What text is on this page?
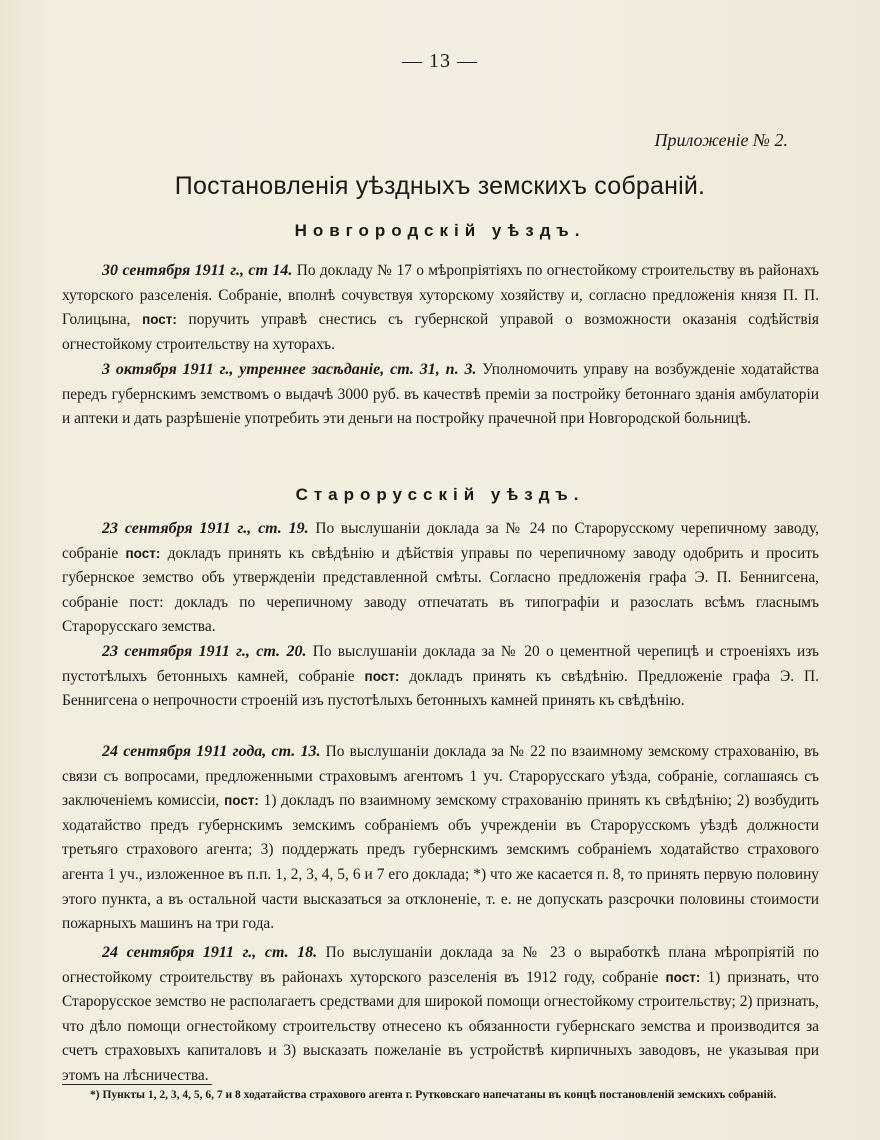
— 13 —
Приложеніе № 2.
Постановленія уѣздныхъ земскихъ собраній.
Новгородскій уѣздъ.

30 сентября 1911 г., ст 14. По докладу № 17 о мѣропріятіяхъ по огнестойкому строительству въ районахъ хуторского разселенія. Собраніе, вполнѣ сочувствуя хуторскому хозяйству и, согласно предложенія князя П. П. Голицына, пост: поручить управѣ снестись съ губернской управой о возможности оказанія содѣйствія огнестойкому строительству на хуторахъ.

3 октября 1911 г., утреннее засѣданіе, ст. 31, п. 3. Уполномочить управу на возбужденіе ходатайства передъ губернскимъ земствомъ о выдачѣ 3000 руб. въ качествѣ преміи за постройку бетоннаго зданія амбулаторіи и аптеки и дать разрѣшеніе употребить эти деньги на постройку прачечной при Новгородской больницѣ.

Старорусскій уѣздъ.

23 сентября 1911 г., ст. 19. По выслушаніи доклада за № 24 по Старорусскому черепичному заводу, собраніе пост: докладъ принять къ свѣдѣнію и дѣйствія управы по черепичному заводу одобрить и просить губернское земство объ утвержденіи представленной смѣты. Согласно предложенія графа Э. П. Беннигсена, собраніе пост: докладъ по черепичному заводу отпечатать въ типографіи и разослать всѣмъ гласнымъ Старорусскаго земства.

23 сентября 1911 г., ст. 20. По выслушаніи доклада за № 20 о цементной черепицѣ и строеніяхъ изъ пустотѣлыхъ бетонныхъ камней, собраніе пост: докладъ принять къ свѣдѣнію. Предложеніе графа Э. П. Беннигсена о непрочности строеній изъ пустотѣлыхъ бетонныхъ камней принять къ свѣдѣнію.

24 сентября 1911 года, ст. 13. По выслушаніи доклада за № 22 по взаимному земскому страхованію, въ связи съ вопросами, предложенными страховымъ агентомъ 1 уч. Старорусскаго уѣзда, собраніе, соглашаясь съ заключеніемъ комиссіи, пост: 1) докладъ по взаимному земскому страхованію принять къ свѣдѣнію; 2) возбудить ходатайство предъ губернскимъ земскимъ собраніемъ объ учрежденіи въ Старорусскомъ уѣздѣ должности третьяго страхового агента; 3) поддержать предъ губернскимъ земскимъ собраніемъ ходатайство страхового агента 1 уч., изложенное въ п.п. 1, 2, 3, 4, 5, 6 и 7 его доклада; *) что же касается п. 8, то принять первую половину этого пункта, а въ остальной части высказаться за отклоненіе, т. е. не допускать разсрочки половины стоимости пожарныхъ машинъ на три года.

24 сентября 1911 г., ст. 18. По выслушаніи доклада за № 23 о выработкѣ плана мѣропріятій по огнестойкому строительству въ районахъ хуторского разселенія въ 1912 году, собраніе пост: 1) признать, что Старорусское земство не располагаетъ средствами для широкой помощи огнестойкому строительству; 2) признать, что дѣло помощи огнестойкому строительству отнесено къ обязанности губернскаго земства и производится за счетъ страховыхъ капиталовъ и 3) высказать пожеланіе въ устройствѣ кирпичныхъ заводовъ, не указывая при этомъ на лѣсничества.

*) Пункты 1, 2, 3, 4, 5, 6, 7 и 8 ходатайства страхового агента г. Рутковскаго напечатаны въ концѣ постановленій земскихъ собраній.
